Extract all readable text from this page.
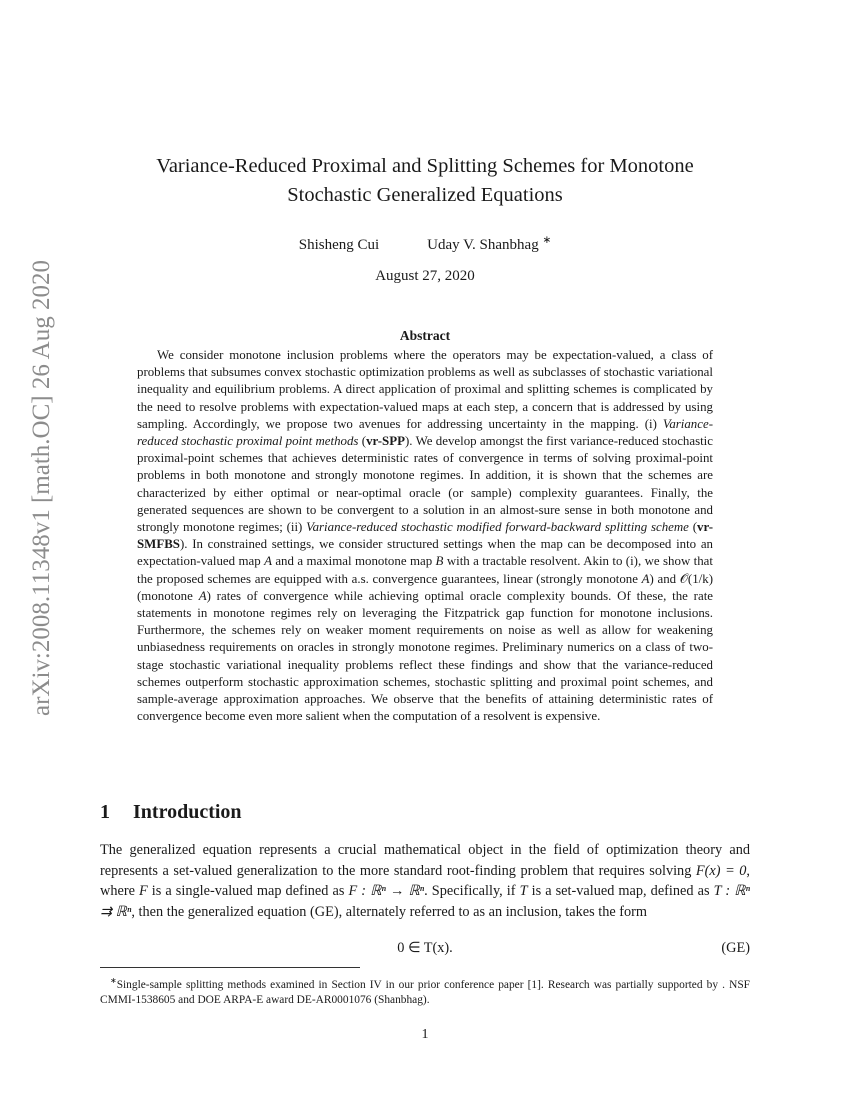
arXiv:2008.11348v1 [math.OC] 26 Aug 2020
Variance-Reduced Proximal and Splitting Schemes for Monotone
Stochastic Generalized Equations
Shisheng Cui	Uday V. Shanbhag ∗
August 27, 2020
Abstract

We consider monotone inclusion problems where the operators may be expectation-valued, a class of problems that subsumes convex stochastic optimization problems as well as subclasses of stochastic variational inequality and equilibrium problems. A direct application of proximal and splitting schemes is complicated by the need to resolve problems with expectation-valued maps at each step, a concern that is addressed by using sampling. Accordingly, we propose two avenues for addressing uncertainty in the mapping. (i) Variance-reduced stochastic proximal point methods (vr-SPP). We develop amongst the first variance-reduced stochastic proximal-point schemes that achieves deterministic rates of convergence in terms of solving proximal-point problems in both monotone and strongly monotone regimes. In addition, it is shown that the schemes are characterized by either optimal or near-optimal oracle (or sample) complexity guarantees. Finally, the generated sequences are shown to be convergent to a solution in an almost-sure sense in both monotone and strongly monotone regimes; (ii) Variance-reduced stochastic modified forward-backward splitting scheme (vr-SMFBS). In constrained settings, we consider structured settings when the map can be decomposed into an expectation-valued map A and a maximal monotone map B with a tractable resolvent. Akin to (i), we show that the proposed schemes are equipped with a.s. convergence guarantees, linear (strongly monotone A) and 𝒪(1/k) (monotone A) rates of convergence while achieving optimal oracle complexity bounds. Of these, the rate statements in monotone regimes rely on leveraging the Fitzpatrick gap function for monotone inclusions. Furthermore, the schemes rely on weaker moment requirements on noise as well as allow for weakening unbiasedness requirements on oracles in strongly monotone regimes. Preliminary numerics on a class of two-stage stochastic variational inequality problems reflect these findings and show that the variance-reduced schemes outperform stochastic approximation schemes, stochastic splitting and proximal point schemes, and sample-average approximation approaches. We observe that the benefits of attaining deterministic rates of convergence become even more salient when the computation of a resolvent is expensive.

1 Introduction

The generalized equation represents a crucial mathematical object in the field of optimization theory and represents a set-valued generalization to the more standard root-finding problem that requires solving F(x) = 0, where F is a single-valued map defined as F : ℝⁿ → ℝⁿ. Specifically, if T is a set-valued map, defined as T : ℝⁿ ⇉ ℝⁿ, then the generalized equation (GE), alternately referred to as an inclusion, takes the form

0 ∈ T(x).	(GE)

∗Single-sample splitting methods examined in Section IV in our prior conference paper [1]. Research was partially supported by . NSF CMMI-1538605 and DOE ARPA-E award DE-AR0001076 (Shanbhag).

1
